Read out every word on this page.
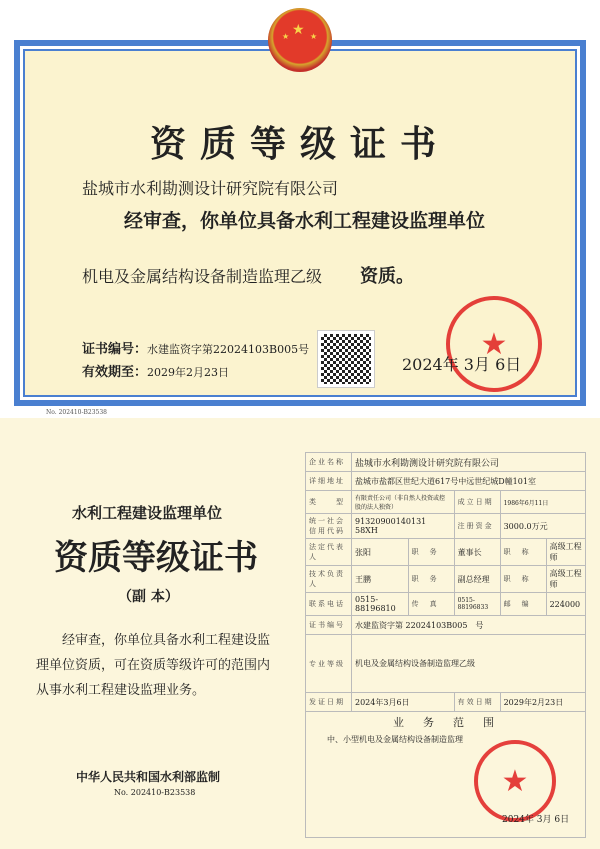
★
★	★
资质等级证书
盐城市水利勘测设计研究院有限公司
经审查，你单位具备水利工程建设监理单位
机电及金属结构设备制造监理乙级 资质。
证书编号：水建监资字第22024103B005号
有效期至：2029年2月23日
★
2024年 3月 6日
No. 202410-B23538
水利工程建设监理单位
资质等级证书
（副 本）
经审查，你单位具备水利工程建设监理单位资质，可在资质等级许可的范围内从事水利工程建设监理业务。
中华人民共和国水利部监制
No. 202410-B23538
企业名称	盐城市水利勘测设计研究院有限公司				
详细地址	盐城市盐都区世纪大道617号中远世纪城D幢101室				
类　　型	有限责任公司（非自然人投资或控股的法人独资）		成立日期	1986年6月11日	
统一社会信用代码	91320900140131 58XH		注册资金	3000.0万元	
法定代表人	张阳	职　务	董事长	职　称	高级工程师
技术负责人	王鹏	职　务	副总经理	职　称	高级工程师
联系电话	0515-88196810	传　真	0515-88196833	邮　编	224000
证书编号	水建监资字第 22024103B005　号				
专业等级	机电及金属结构设备制造监理乙级				
发证日期	2024年3月6日		有效日期	2029年2月23日	

业　务　范　围
中、小型机电及金属结构设备制造监理
★
2024年 3月 6日					
